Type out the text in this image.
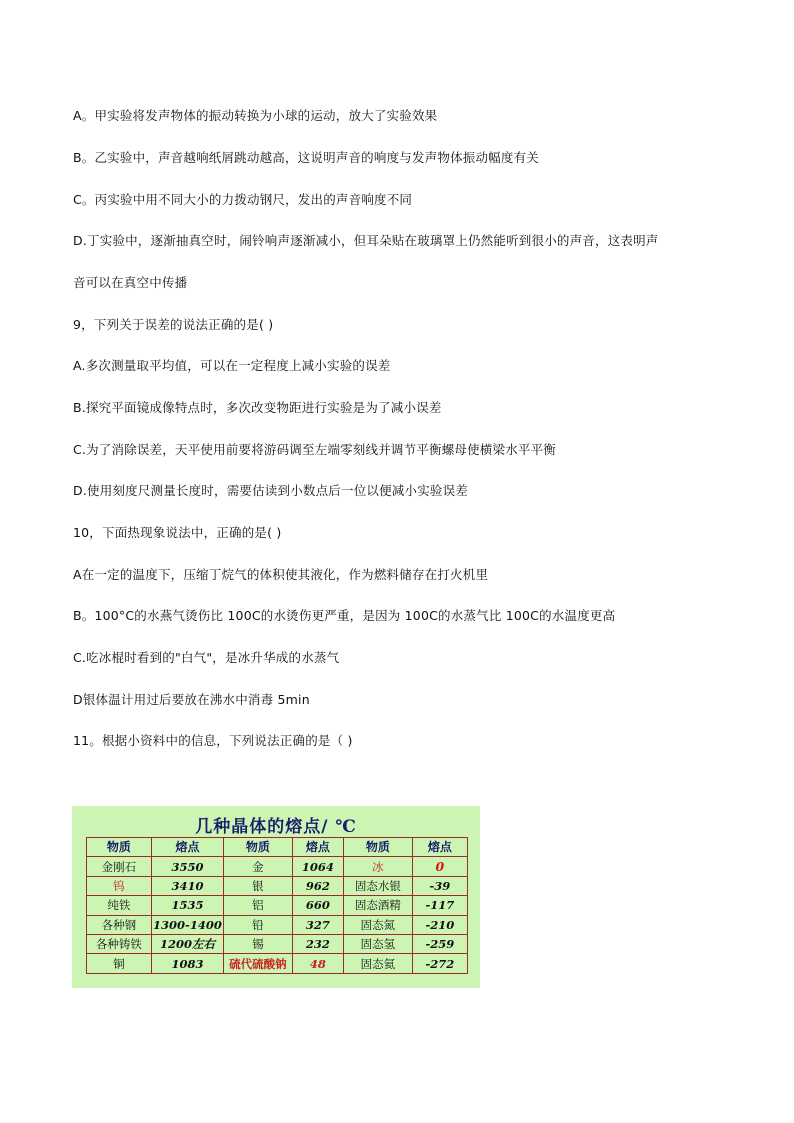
A。甲实验将发声物体的振动转换为小球的运动，放大了实验效果
B。乙实验中，声音越响纸屑跳动越高，这说明声音的响度与发声物体振动幅度有关
C。丙实验中用不同大小的力拨动钢尺，发出的声音响度不同
D.丁实验中，逐渐抽真空时，闹铃响声逐渐减小，但耳朵贴在玻璃罩上仍然能听到很小的声音，这表明声
音可以在真空中传播
9，下列关于误差的说法正确的是( )
A.多次测量取平均值，可以在一定程度上减小实验的误差
B.探究平面镜成像特点时，多次改变物距进行实验是为了减小误差
C.为了消除误差，天平使用前要将游码调至左端零刻线并调节平衡螺母使横梁水平平衡
D.使用刻度尺测量长度时，需要估读到小数点后一位以便减小实验误差
10，下面热现象说法中，正确的是( )
A在一定的温度下，压缩丁烷气的体积使其液化，作为燃料储存在打火机里
B。100°C的水燕气烫伤比 100C的水烫伤更严重，是因为 100C的水蒸气比 100C的水温度更高
C.吃冰棍时看到的"白气"，是冰升华成的水蒸气
D银体温计用过后要放在沸水中消毒 5min
11。根据小资料中的信息，下列说法正确的是（ )
几种晶体的熔点/ ℃
物质	熔点	物质	熔点	物质	熔点
金刚石	3550	金	1064	冰	0
钨	3410	银	962	固态水银	-39
纯铁	1535	铝	660	固态酒精	-117
各种钢	1300-1400	铅	327	固态氮	-210
各种铸铁	1200左右	锡	232	固态氢	-259
铜	1083	硫代硫酸钠	48	固态氦	-272
